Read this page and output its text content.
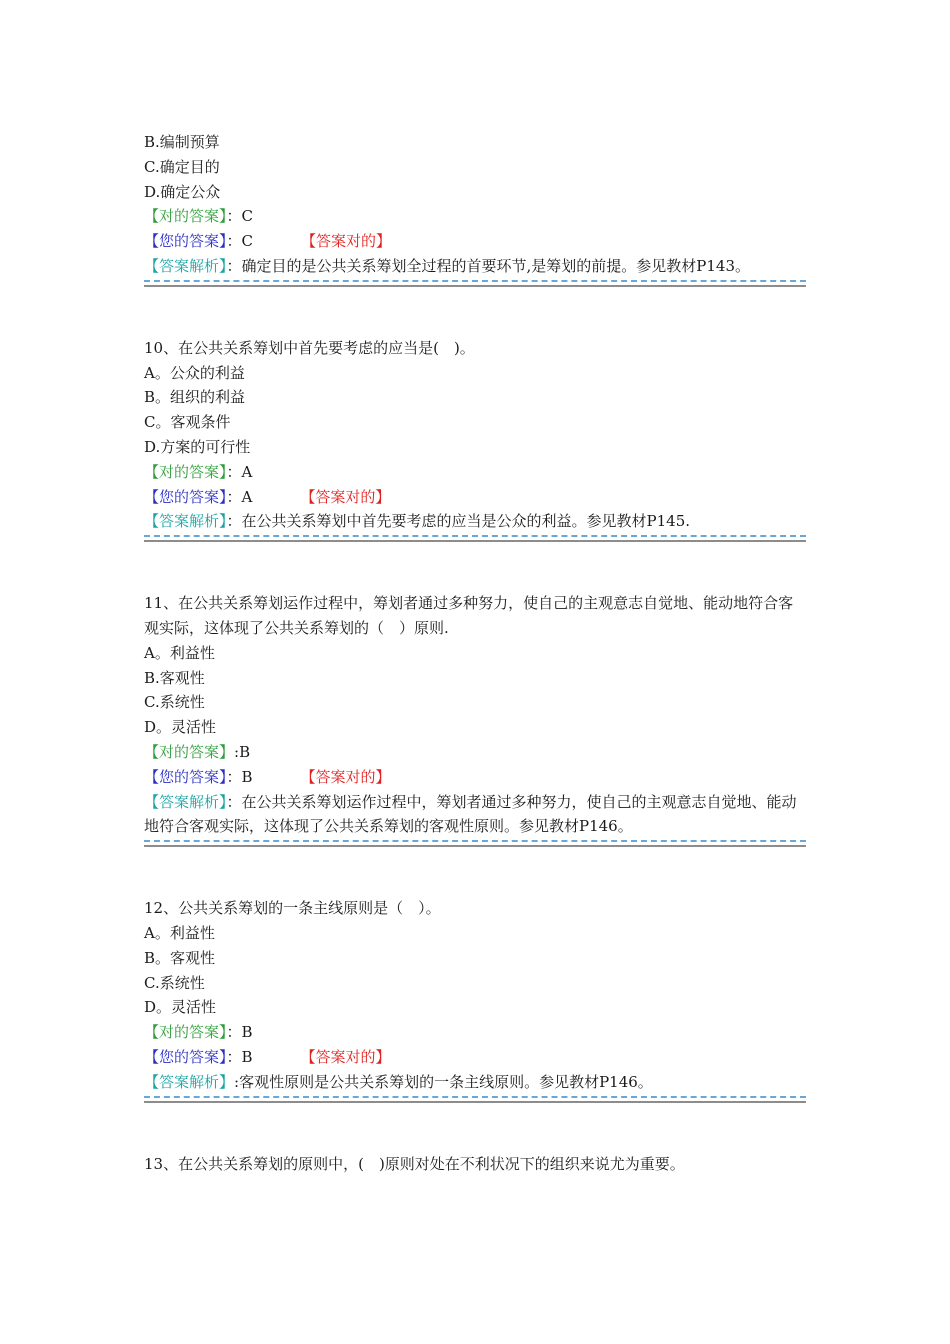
B.编制预算
C.确定目的
D.确定公众
【对的答案】：C
【您的答案】：C	【答案对的】
【答案解析】：确定目的是公共关系筹划全过程的首要环节,是筹划的前提。参见教材P143。
10、在公共关系筹划中首先要考虑的应当是(　)。
A。公众的利益
B。组织的利益
C。客观条件
D.方案的可行性
【对的答案】：A
【您的答案】：A	【答案对的】
【答案解析】：在公共关系筹划中首先要考虑的应当是公众的利益。参见教材P145.
11、在公共关系筹划运作过程中，筹划者通过多种努力，使自己的主观意志自觉地、能动地符合客观实际，这体现了公共关系筹划的（　）原则.
A。利益性
B.客观性
C.系统性
D。灵活性
【对的答案】:B
【您的答案】：B	【答案对的】
【答案解析】：在公共关系筹划运作过程中，筹划者通过多种努力，使自己的主观意志自觉地、能动地符合客观实际，这体现了公共关系筹划的客观性原则。参见教材P146。
12、公共关系筹划的一条主线原则是（　）。
A。利益性
B。客观性
C.系统性
D。灵活性
【对的答案】：B
【您的答案】：B	【答案对的】
【答案解析】:客观性原则是公共关系筹划的一条主线原则。参见教材P146。
13、在公共关系筹划的原则中，(　)原则对处在不利状况下的组织来说尤为重要。
